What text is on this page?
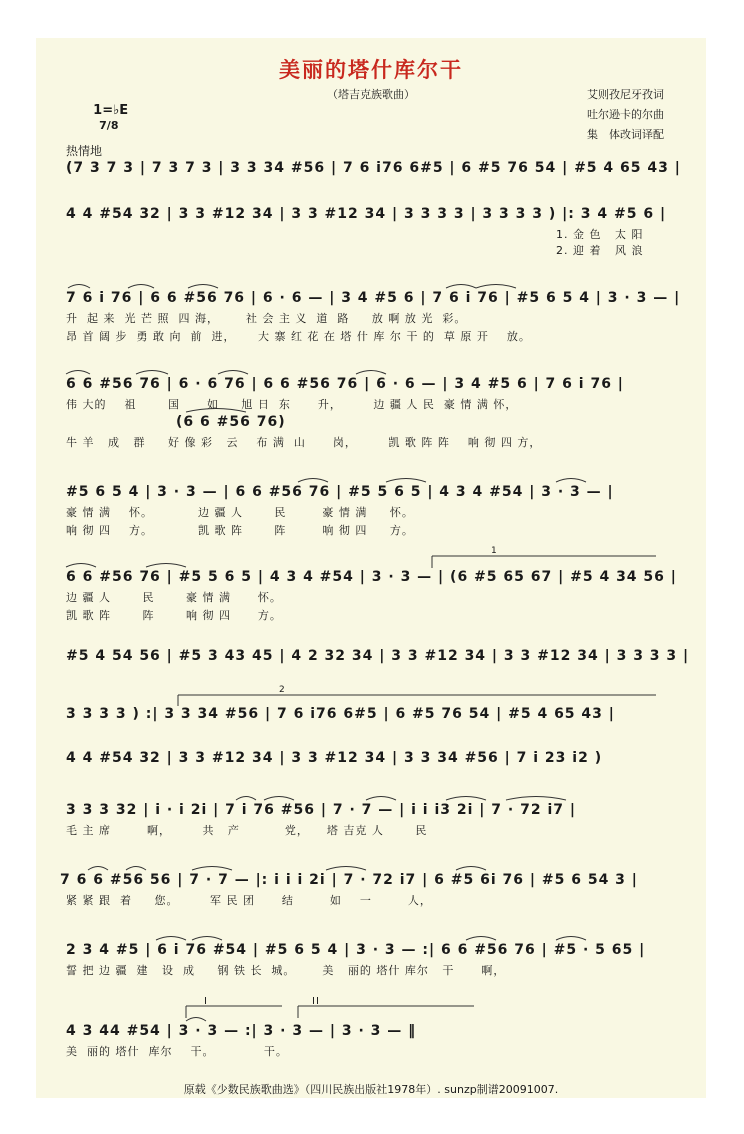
美丽的塔什库尔干
（塔吉克族歌曲）

1=♭E
7/8

艾则孜尼牙孜词
吐尔逊卡的尔曲
集　体改词译配
热情地
(7 3 7 3 | 7 3 7 3 | 3 3 34 #56 | 7 6 i76 6#5 | 6 #5 76 54 | #5 4 65 43 |
4 4 #54 32 | 3 3 #12 34 | 3 3 #12 34 | 3 3 3 3 | 3 3 3 3 ) |: 3 4 #5 6 |
1. 金 色   太 阳
2. 迎 着   风 浪
7 6 i 76 | 6 6 #56 76 | 6 · 6 — | 3 4 #5 6 | 7 6 i 76 | #5 6 5 4 | 3 · 3 — |
升  起 来  光 芒 照  四 海，      社 会 主 义  道  路     放 啊 放 光  彩。
昂 首 阔 步  勇 敢 向  前  进，     大 寨 红 花 在 塔 什 库 尔 干 的  草 原 开    放。
6 6 #56 76 | 6 · 6 76 | 6 6 #56 76 | 6 · 6 — | 3 4 #5 6 | 7 6 i 76 |
伟 大的    祖       国      如     旭 日  东      升，       边 疆 人 民  豪 情 满 怀，
(6 6 #56 76)
牛 羊   成   群     好 像 彩   云    布 满  山      岗，       凯 歌 阵 阵    响 彻 四 方，
#5 6 5 4 | 3 · 3 — | 6 6 #56 76 | #5 5 6 5 | 4 3 4 #54 | 3 · 3 — |
豪 情 满    怀。          边 疆 人       民        豪 情 满     怀。
响 彻 四    方。          凯 歌 阵       阵        响 彻 四     方。
6 6 #56 76 | #5 5 6 5 | 4 3 4 #54 | 3 · 3 — | (6 #5 65 67 | #5 4 34 56 |
边 疆 人       民       豪 情 满      怀。
凯 歌 阵       阵       响 彻 四      方。
1
#5 4 54 56 | #5 3 43 45 | 4 2 32 34 | 3 3 #12 34 | 3 3 #12 34 | 3 3 3 3 |
3 3 3 3 ) :| 3 3 34 #56 | 7 6 i76 6#5 | 6 #5 76 54 | #5 4 65 43 |
2
4 4 #54 32 | 3 3 #12 34 | 3 3 #12 34 | 3 3 34 #56 | 7 i 23 i2 )
3 3 3 32 | i · i 2i | 7 i 76 #56 | 7 · 7 — | i i i3 2i | 7 · 72 i7 |
毛 主 席        啊，       共   产          党，    塔 吉克 人       民
7 6 6 #56 56 | 7 · 7 — |: i i i 2i | 7 · 72 i7 | 6 #5 6i 76 | #5 6 54 3 |
紧 紧 跟  着     您。       军 民 团      结        如    一        人，
2 3 4 #5 | 6 i 76 #54 | #5 6 5 4 | 3 · 3 — :| 6 6 #56 76 | #5 · 5 65 |
誓 把 边 疆  建   设  成     钢 铁 长  城。      美   丽的 塔什 库尔   干      啊，
4 3 44 #54 | 3 · 3 — :| 3 · 3 — | 3 · 3 — ‖
美  丽的 塔什  库尔    干。           干。
I	II
原载《少数民族歌曲选》（四川民族出版社1978年）. sunzp制谱20091007.
